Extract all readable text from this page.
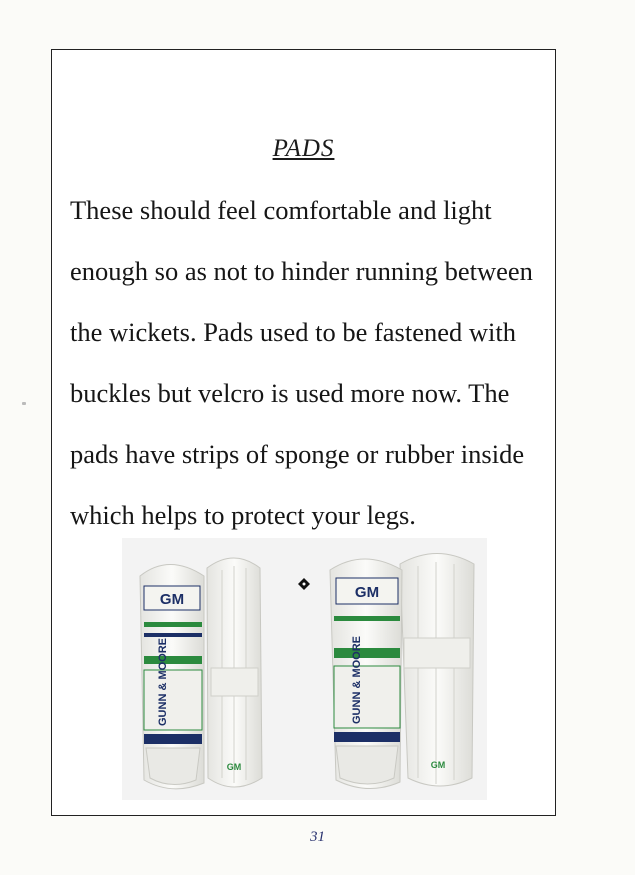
PADS
These should feel comfortable and light
enough so as not to hinder running between
the wickets. Pads used to be fastened with
buckles but velcro is used more now. The
pads have strips of sponge or rubber inside
which helps to protect your legs.
GM
GM
GUNN & MOORE
GM
GM
GUNN & MOORE
31
